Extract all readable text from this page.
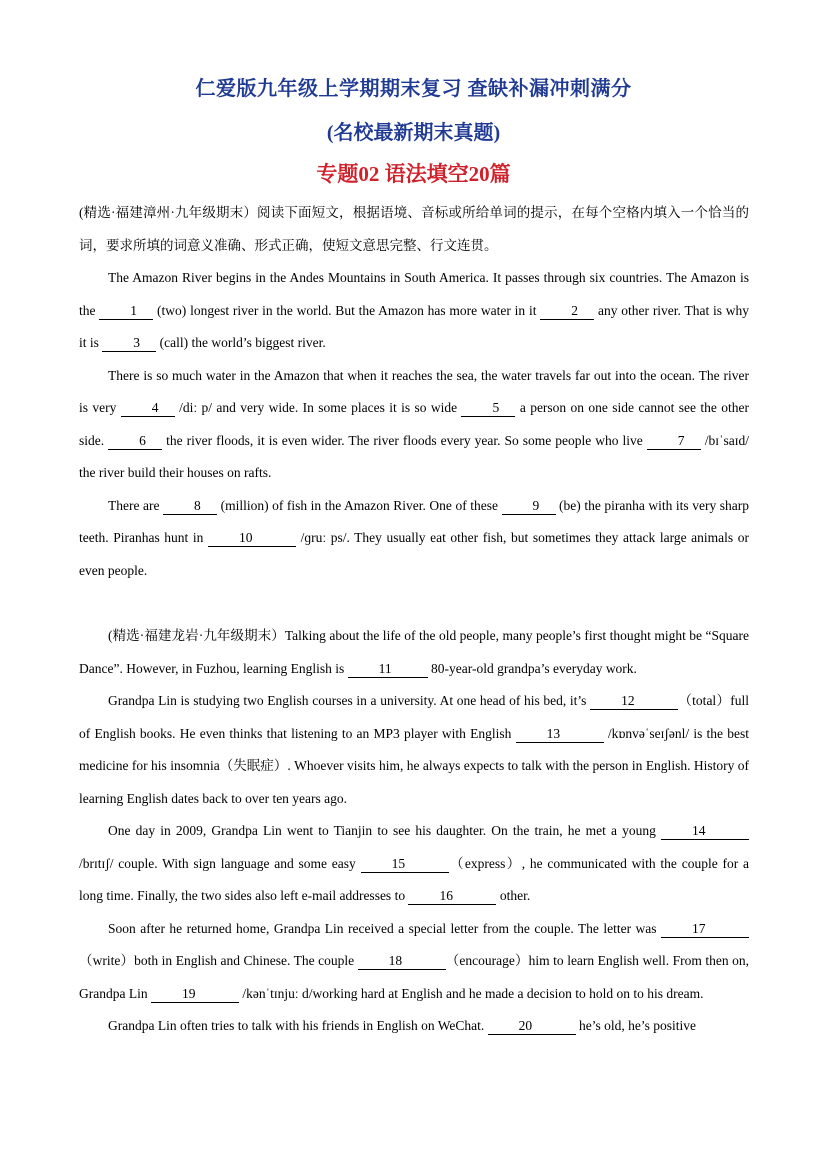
仁爱版九年级上学期期末复习 查缺补漏冲刺满分
(名校最新期末真题)
专题02 语法填空20篇

(精选·福建漳州·九年级期末）阅读下面短文，根据语境、音标或所给单词的提示，在每个空格内填入一个恰当的词，要求所填的词意义准确、形式正确，使短文意思完整、行文连贯。

The Amazon River begins in the Andes Mountains in South America. It passes through six countries. The Amazon is the 1 (two) longest river in the world. But the Amazon has more water in it 2 any other river. That is why it is 3 (call) the world’s biggest river.

There is so much water in the Amazon that when it reaches the sea, the water travels far out into the ocean. The river is very 4 /diː p/ and very wide. In some places it is so wide 5 a person on one side cannot see the other side. 6 the river floods, it is even wider. The river floods every year. So some people who live 7 /bɪˈsaɪd/ the river build their houses on rafts.

There are 8 (million) of fish in the Amazon River. One of these 9 (be) the piranha with its very sharp teeth. Piranhas hunt in 10	/ɡruː ps/. They usually eat other fish, but sometimes they attack large animals or even people.

(精选·福建龙岩·九年级期末）Talking about the life of the old people, many people’s first thought might be “Square Dance”. However, in Fuzhou, learning English is 11	80-year-old grandpa’s everyday work.

Grandpa Lin is studying two English courses in a university. At one head of his bed, it’s 12	（total）full of English books. He even thinks that listening to an MP3 player with English 13	/kɒnvəˈseɪʃənl/ is the best medicine for his insomnia（失眠症）. Whoever visits him, he always expects to talk with the person in English. History of learning English dates back to over ten years ago.

One day in 2009, Grandpa Lin went to Tianjin to see his daughter. On the train, he met a young 14 /brɪtɪʃ/ couple. With sign language and some easy 15	（express）, he communicated with the couple for a long time. Finally, the two sides also left e-mail addresses to 16	other.

Soon after he returned home, Grandpa Lin received a special letter from the couple. The letter was 17（write）both in English and Chinese. The couple 18	（encourage）him to learn English well. From then on, Grandpa Lin 19	/kənˈtɪnjuː d/working hard at English and he made a decision to hold on to his dream.

Grandpa Lin often tries to talk with his friends in English on WeChat. 20	he’s old, he’s positive
